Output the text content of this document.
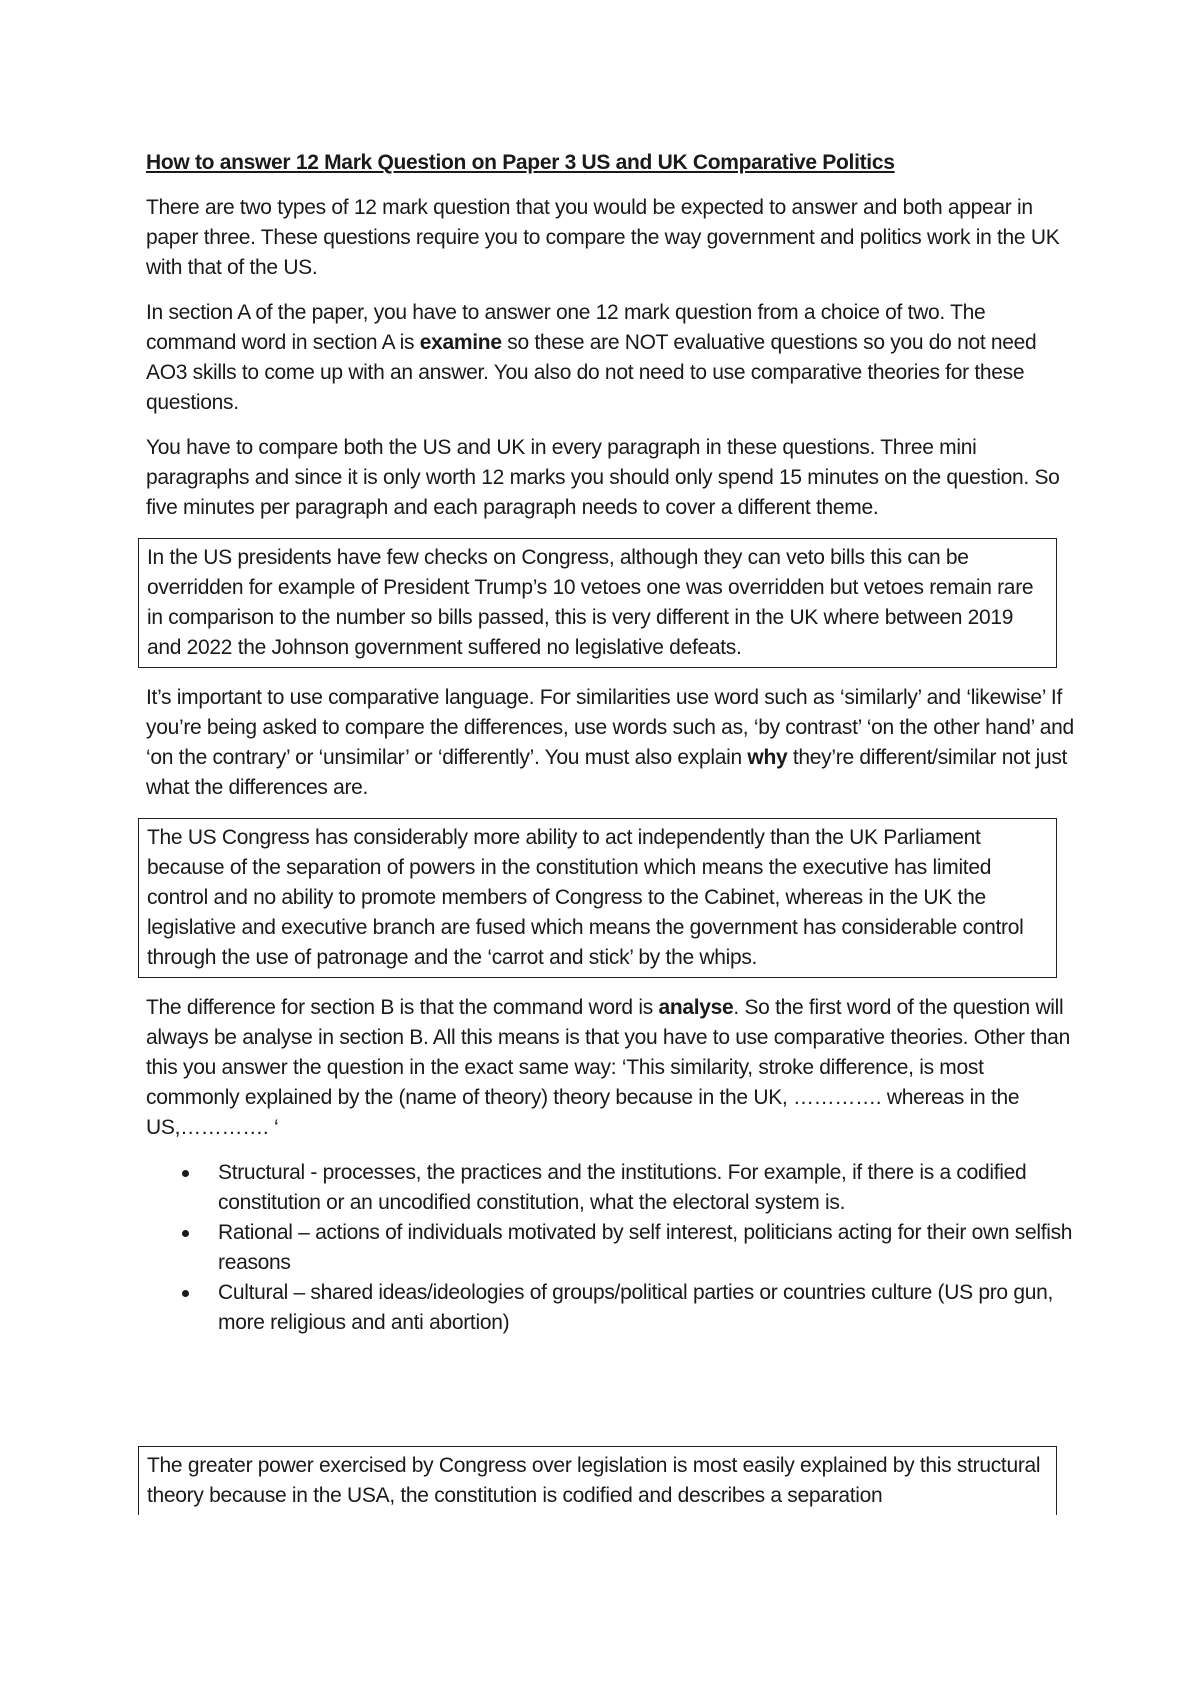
How to answer 12 Mark Question on Paper 3 US and UK Comparative Politics

There are two types of 12 mark question that you would be expected to answer and both appear in paper three. These questions require you to compare the way government and politics work in the UK with that of the US.

In section A of the paper, you have to answer one 12 mark question from a choice of two. The command word in section A is examine so these are NOT evaluative questions so you do not need AO3 skills to come up with an answer. You also do not need to use comparative theories for these questions.

You have to compare both the US and UK in every paragraph in these questions. Three mini paragraphs and since it is only worth 12 marks you should only spend 15 minutes on the question. So five minutes per paragraph and each paragraph needs to cover a different theme.

In the US presidents have few checks on Congress, although they can veto bills this can be overridden for example of President Trump’s 10 vetoes one was overridden but vetoes remain rare in comparison to the number so bills passed, this is very different in the UK where between 2019 and 2022 the Johnson government suffered no legislative defeats.

It’s important to use comparative language. For similarities use word such as ‘similarly’ and ‘likewise’ If you’re being asked to compare the differences, use words such as, ‘by contrast’ ‘on the other hand’ and ‘on the contrary’ or ‘unsimilar’ or ‘differently’. You must also explain why they’re different/similar not just what the differences are.

The US Congress has considerably more ability to act independently than the UK Parliament because of the separation of powers in the constitution which means the executive has limited control and no ability to promote members of Congress to the Cabinet, whereas in the UK the legislative and executive branch are fused which means the government has considerable control through the use of patronage and the ‘carrot and stick’ by the whips.

The difference for section B is that the command word is analyse. So the first word of the question will always be analyse in section B. All this means is that you have to use comparative theories. Other than this you answer the question in the exact same way: ‘This similarity, stroke difference, is most commonly explained by the (name of theory) theory because in the UK, …………. whereas in the US,…………. ‘

Structural - processes, the practices and the institutions. For example, if there is a codified constitution or an uncodified constitution, what the electoral system is.
Rational – actions of individuals motivated by self interest, politicians acting for their own selfish reasons
Cultural – shared ideas/ideologies of groups/political parties or countries culture (US pro gun, more religious and anti abortion)
The greater power exercised by Congress over legislation is most easily explained by this structural theory because in the USA, the constitution is codified and describes a separation
